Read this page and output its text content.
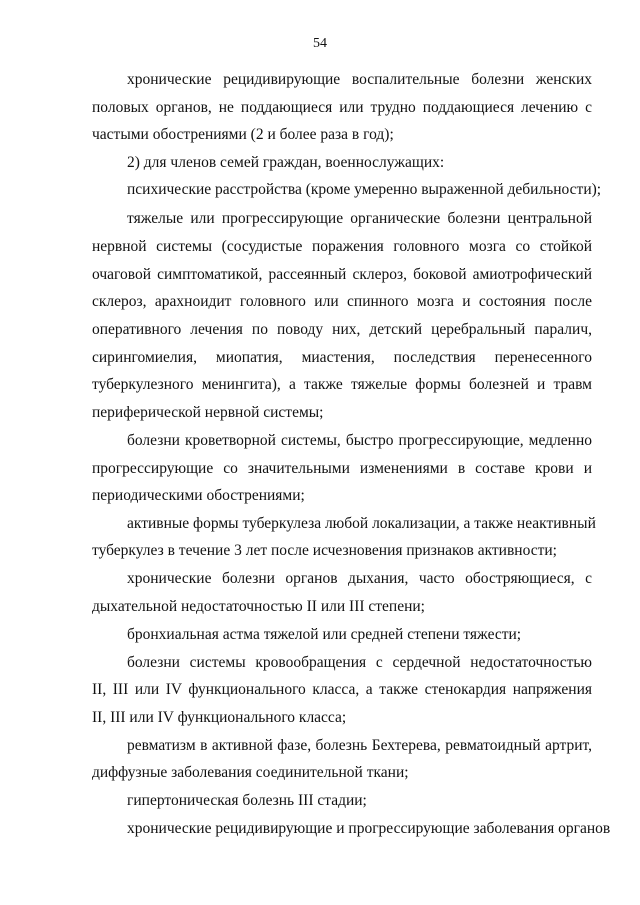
54
хронические рецидивирующие воспалительные болезни женских
половых органов, не поддающиеся или трудно поддающиеся лечению с
частыми обострениями (2 и более раза в год);
2) для членов семей граждан, военнослужащих:
психические расстройства (кроме умеренно выраженной дебильности);
тяжелые или прогрессирующие органические болезни центральной
нервной системы (сосудистые поражения головного мозга со стойкой
очаговой симптоматикой, рассеянный склероз, боковой амиотрофический
склероз, арахноидит головного или спинного мозга и состояния после
оперативного лечения по поводу них, детский церебральный паралич,
сирингомиелия, миопатия, миастения, последствия перенесенного
туберкулезного менингита), а также тяжелые формы болезней и травм
периферической нервной системы;
болезни кроветворной системы, быстро прогрессирующие, медленно
прогрессирующие со значительными изменениями в составе крови и
периодическими обострениями;
активные формы туберкулеза любой локализации, а также неактивный
туберкулез в течение 3 лет после исчезновения признаков активности;
хронические болезни органов дыхания, часто обостряющиеся, с
дыхательной недостаточностью II или III степени;
бронхиальная астма тяжелой или средней степени тяжести;
болезни системы кровообращения с сердечной недостаточностью
II, III или IV функционального класса, а также стенокардия напряжения
II, III или IV функционального класса;
ревматизм в активной фазе, болезнь Бехтерева, ревматоидный артрит,
диффузные заболевания соединительной ткани;
гипертоническая болезнь III стадии;
хронические рецидивирующие и прогрессирующие заболевания органов
